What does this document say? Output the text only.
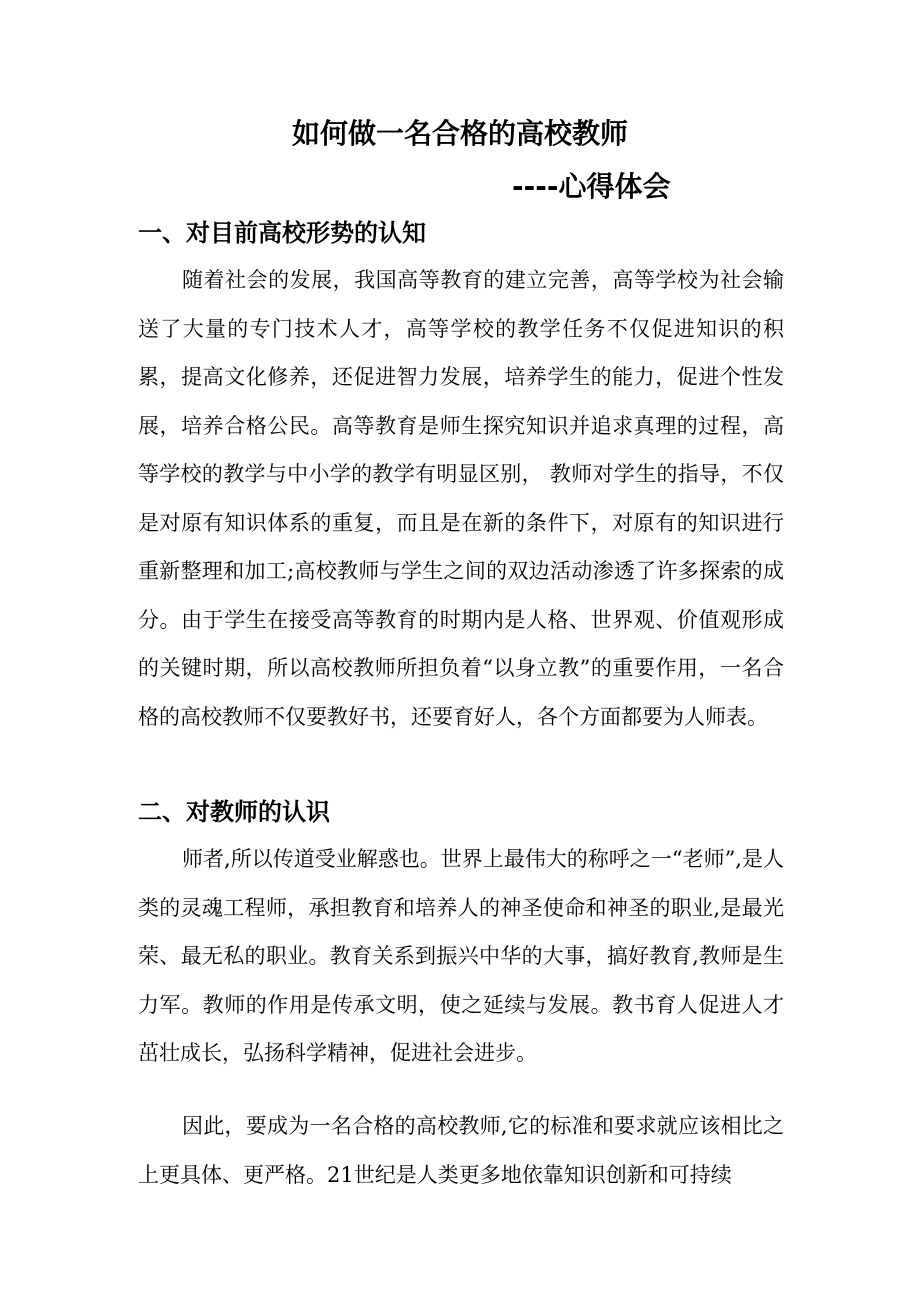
如何做一名合格的高校教师
----心得体会
一、对目前高校形势的认知

随着社会的发展，我国高等教育的建立完善，高等学校为社会输送了大量的专门技术人才，高等学校的教学任务不仅促进知识的积累，提高文化修养，还促进智力发展，培养学生的能力，促进个性发展，培养合格公民。高等教育是师生探究知识并追求真理的过程，高等学校的教学与中小学的教学有明显区别， 教师对学生的指导，不仅是对原有知识体系的重复，而且是在新的条件下，对原有的知识进行重新整理和加工;高校教师与学生之间的双边活动渗透了许多探索的成分。由于学生在接受高等教育的时期内是人格、世界观、价值观形成的关键时期，所以高校教师所担负着“以身立教”的重要作用，一名合格的高校教师不仅要教好书，还要育好人，各个方面都要为人师表。

二、对教师的认识

师者,所以传道受业解惑也。世界上最伟大的称呼之一“老师”,是人类的灵魂工程师，承担教育和培养人的神圣使命和神圣的职业,是最光荣、最无私的职业。教育关系到振兴中华的大事，搞好教育,教师是生力军。教师的作用是传承文明，使之延续与发展。教书育人促进人才茁壮成长，弘扬科学精神，促进社会进步。

因此，要成为一名合格的高校教师,它的标准和要求就应该相比之上更具体、更严格。21世纪是人类更多地依靠知识创新和可持续
